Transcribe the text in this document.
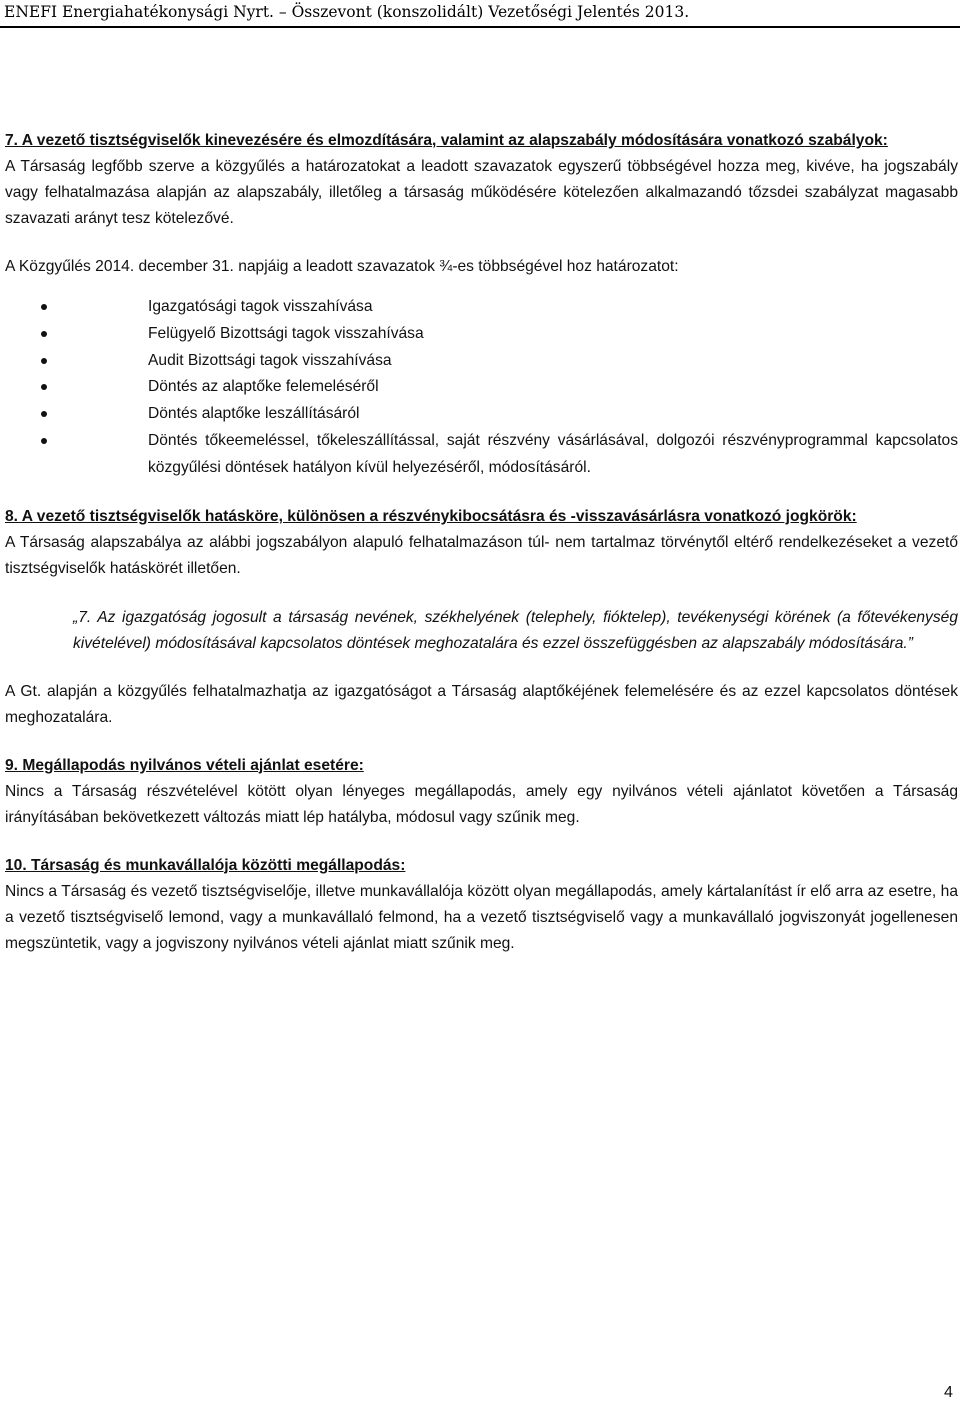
ENEFI Energiahatékonysági Nyrt. – Összevont (konszolidált) Vezetőségi Jelentés 2013.

7. A vezető tisztségviselők kinevezésére és elmozdítására, valamint az alapszabály módosítására vonatkozó szabályok:

A Társaság legfőbb szerve a közgyűlés a határozatokat a leadott szavazatok egyszerű többségével hozza meg, kivéve, ha jogszabály vagy felhatalmazása alapján az alapszabály, illetőleg a társaság működésére kötelezően alkalmazandó tőzsdei szabályzat magasabb szavazati arányt tesz kötelezővé.

A Közgyűlés 2014. december 31. napjáig a leadott szavazatok ¾-es többségével hoz határozatot:

Igazgatósági tagok visszahívása
Felügyelő Bizottsági tagok visszahívása
Audit Bizottsági tagok visszahívása
Döntés az alaptőke felemeléséről
Döntés alaptőke leszállításáról
Döntés tőkeemeléssel, tőkeleszállítással, saját részvény vásárlásával, dolgozói részvényprogrammal kapcsolatos közgyűlési döntések hatályon kívül helyezéséről, módosításáról.

8. A vezető tisztségviselők hatásköre, különösen a részvénykibocsátásra és -visszavásárlásra vonatkozó jogkörök:

A Társaság alapszabálya az alábbi jogszabályon alapuló felhatalmazáson túl- nem tartalmaz törvénytől eltérő rendelkezéseket a vezető tisztségviselők hatáskörét illetően.

„7. Az igazgatóság jogosult a társaság nevének, székhelyének (telephely, fióktelep), tevékenységi körének (a főtevékenység kivételével) módosításával kapcsolatos döntések meghozatalára és ezzel összefüggésben az alapszabály módosítására.”

A Gt. alapján a közgyűlés felhatalmazhatja az igazgatóságot a Társaság alaptőkéjének felemelésére és az ezzel kapcsolatos döntések meghozatalára.

9. Megállapodás nyilvános vételi ajánlat esetére:

Nincs a Társaság részvételével kötött olyan lényeges megállapodás, amely egy nyilvános vételi ajánlatot követően a Társaság irányításában bekövetkezett változás miatt lép hatályba, módosul vagy szűnik meg.

10. Társaság és munkavállalója közötti megállapodás:

Nincs a Társaság és vezető tisztségviselője, illetve munkavállalója között olyan megállapodás, amely kártalanítást ír elő arra az esetre, ha a vezető tisztségviselő lemond, vagy a munkavállaló felmond, ha a vezető tisztségviselő vagy a munkavállaló jogviszonyát jogellenesen megszüntetik, vagy a jogviszony nyilvános vételi ajánlat miatt szűnik meg.

4
